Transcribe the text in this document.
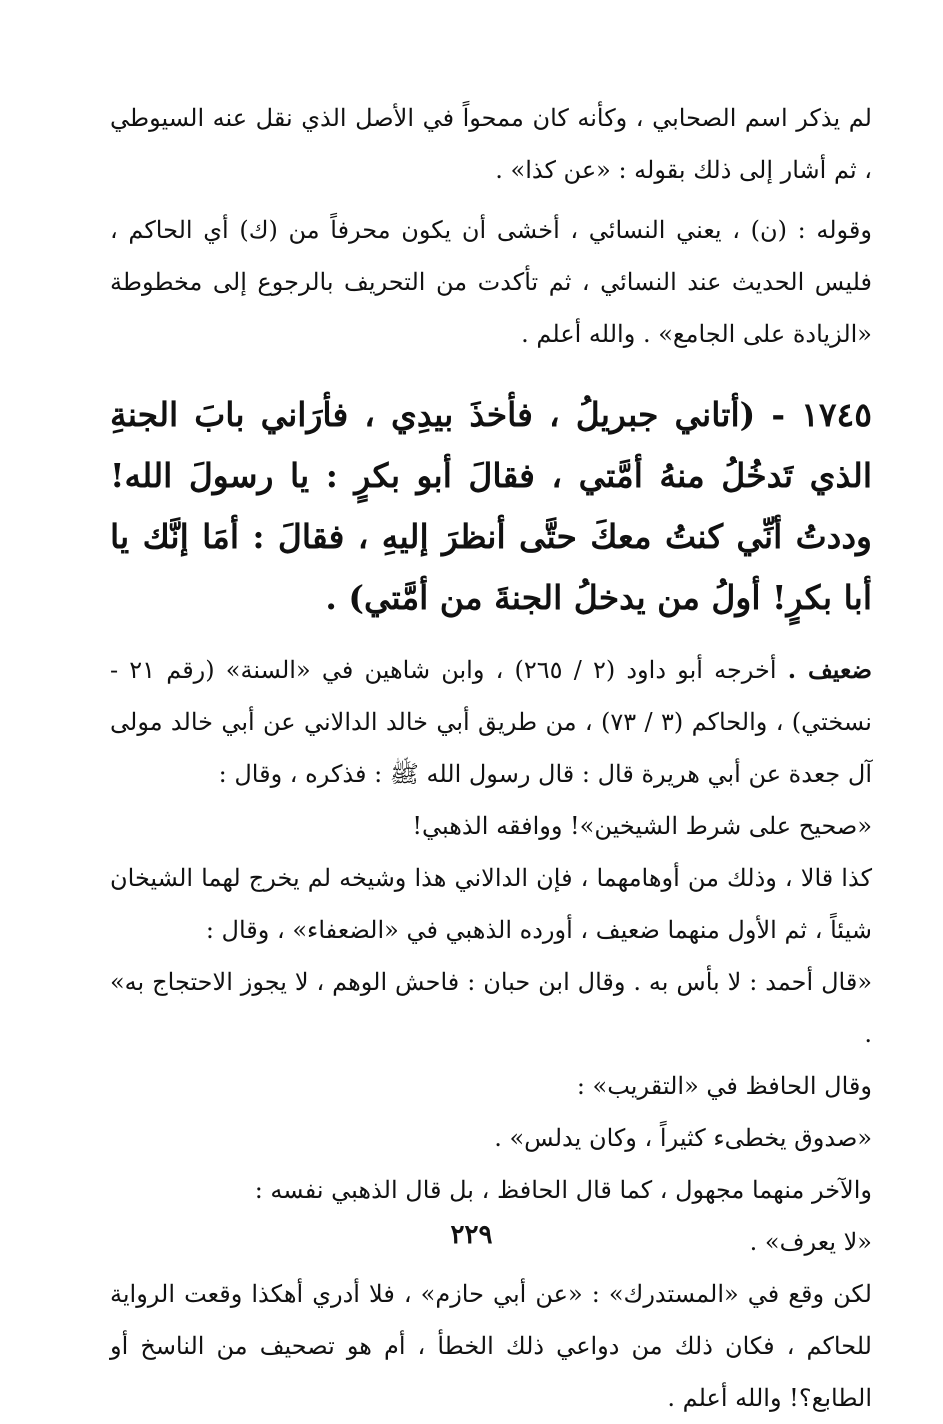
لم يذكر اسم الصحابي ، وكأنه كان ممحواً في الأصل الذي نقل عنه السيوطي ، ثم أشار إلى ذلك بقوله : «عن كذا» .

وقوله : (ن) ، يعني النسائي ، أخشى أن يكون محرفاً من (ك) أي الحاكم ، فليس الحديث عند النسائي ، ثم تأكدت من التحريف بالرجوع إلى مخطوطة «الزيادة على الجامع» . والله أعلم .

١٧٤٥ - (أتاني جبريلُ ، فأخذَ بيدِي ، فأرَاني بابَ الجنةِ الذي تَدخُلُ منهُ أمَّتي ، فقالَ أبو بكرٍ : يا رسولَ الله! وددتُ أنِّي كنتُ معكَ حتَّى أنظرَ إليهِ ، فقالَ : أمَا إنَّك يا أبا بكرٍ! أولُ من يدخلُ الجنةَ من أمَّتي) .

ضعيف . أخرجه أبو داود (٢ / ٢٦٥) ، وابن شاهين في «السنة» (رقم ٢١ - نسختي) ، والحاكم (٣ / ٧٣) ، من طريق أبي خالد الدالاني عن أبي خالد مولى آل جعدة عن أبي هريرة قال : قال رسول الله ﷺ : فذكره ، وقال :

«صحيح على شرط الشيخين»! ووافقه الذهبي!

كذا قالا ، وذلك من أوهامهما ، فإن الدالاني هذا وشيخه لم يخرج لهما الشيخان شيئاً ، ثم الأول منهما ضعيف ، أورده الذهبي في «الضعفاء» ، وقال :

«قال أحمد : لا بأس به . وقال ابن حبان : فاحش الوهم ، لا يجوز الاحتجاج به» .

وقال الحافظ في «التقريب» :

«صدوق يخطىء كثيراً ، وكان يدلس» .

والآخر منهما مجهول ، كما قال الحافظ ، بل قال الذهبي نفسه :

«لا يعرف» .

لكن وقع في «المستدرك» : «عن أبي حازم» ، فلا أدري أهكذا وقعت الرواية للحاكم ، فكان ذلك من دواعي ذلك الخطأ ، أم هو تصحيف من الناسخ أو الطابع؟! والله أعلم .

٢٢٩
